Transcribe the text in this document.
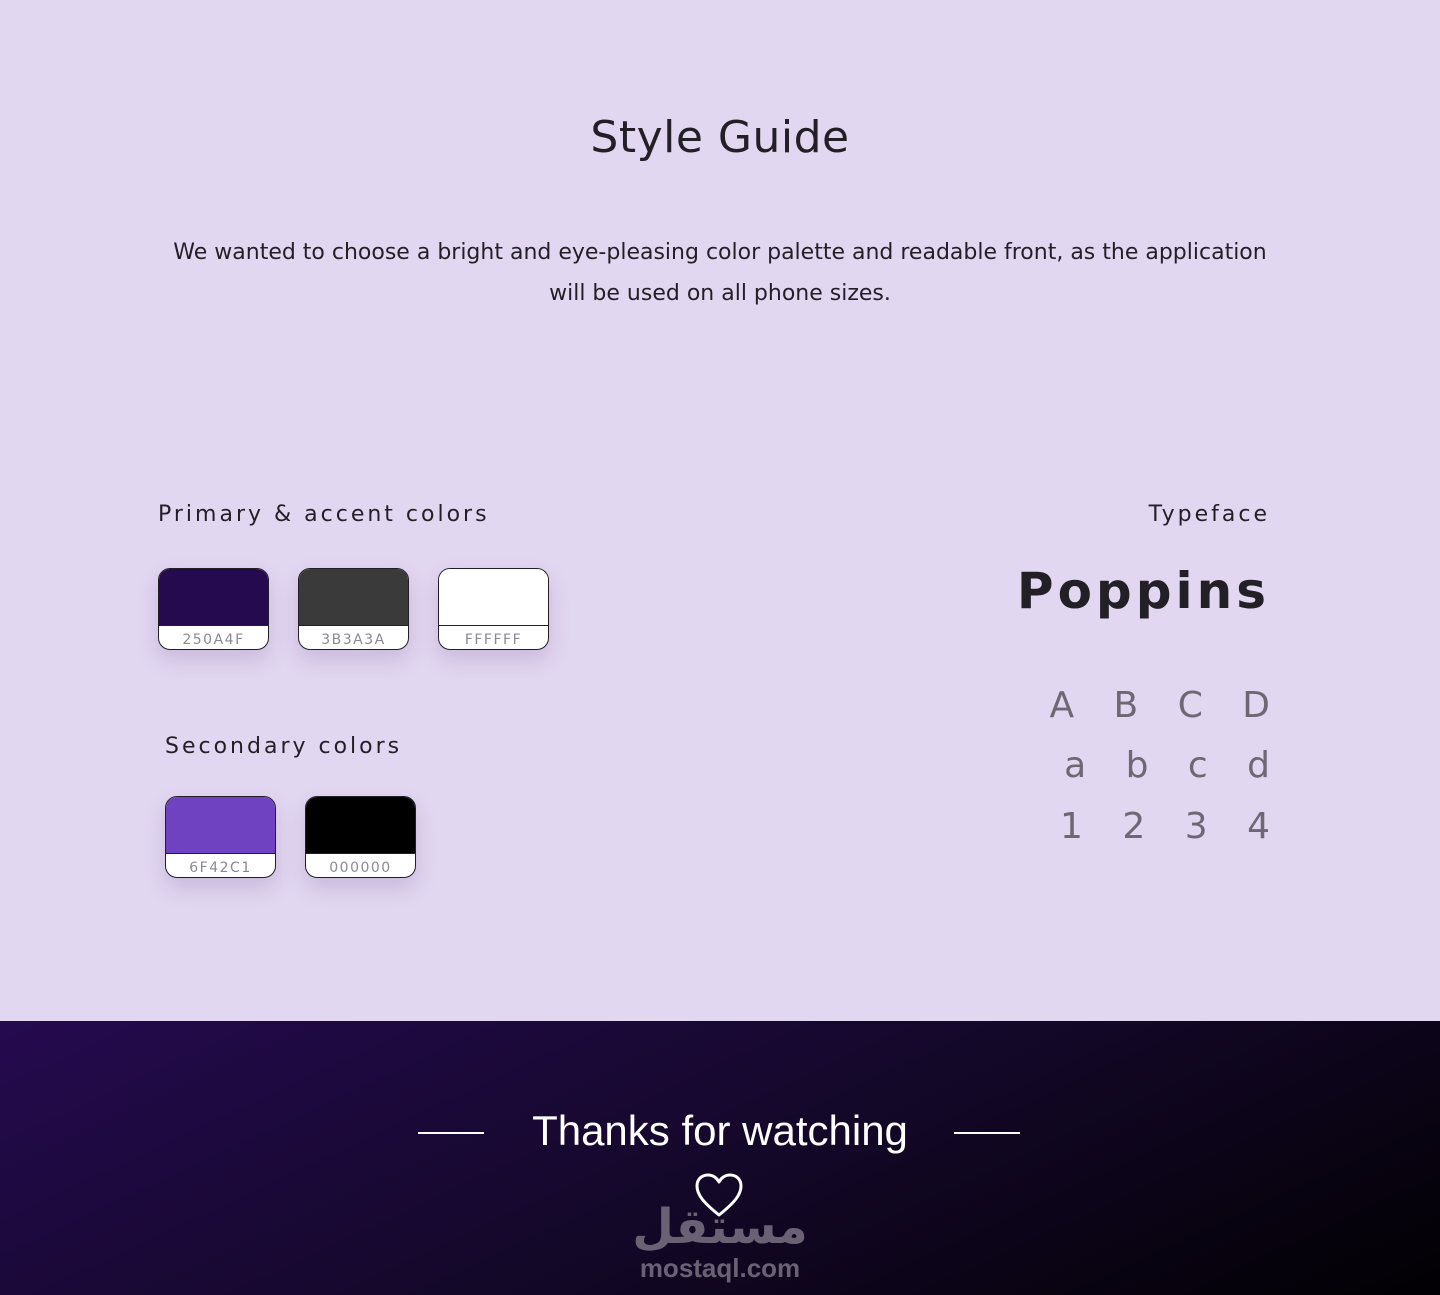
Style Guide

We wanted to choose a bright and eye-pleasing color palette and readable front, as the application will be used on all phone sizes.

Primary & accent colors
250A4F	3B3A3A	FFFFFF
Secondary colors
6F42C1	000000
Typeface
Poppins
A B C D
a b c d
1 2 3 4
Thanks for watching
مستقل
mostaql.com
